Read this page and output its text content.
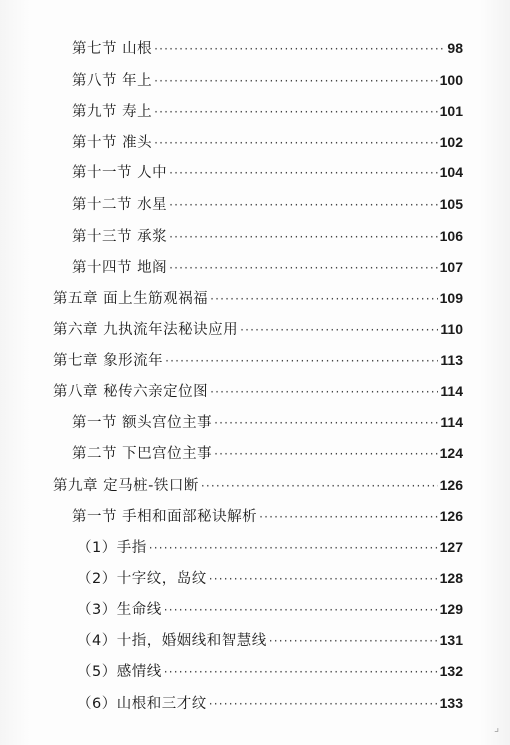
第七节 山根 ·····	98
第八节 年上 ·····	100
第九节 寿上 ·····	101
第十节 准头 ·····	102
第十一节 人中 ·····	104
第十二节 水星 ·····	105
第十三节 承浆 ·····	106
第十四节 地阁 ·····	107
第五章 面上生筋观祸福 ·····	109
第六章 九执流年法秘诀应用 ·····	110
第七章 象形流年 ·····	113
第八章 秘传六亲定位图 ·····	114
第一节 额头宫位主事 ·····	114
第二节 下巴宫位主事 ·····	124
第九章 定马桩-铁口断 ·····	126
第一节 手相和面部秘诀解析 ·····	126
（1）手指 ·····	127
（2）十字纹，岛纹 ·····	128
（3）生命线 ·····	129
（4）十指，婚姻线和智慧线 ·····	131
（5）感情线 ·····	132
（6）山根和三才纹 ·····	133
⌟
